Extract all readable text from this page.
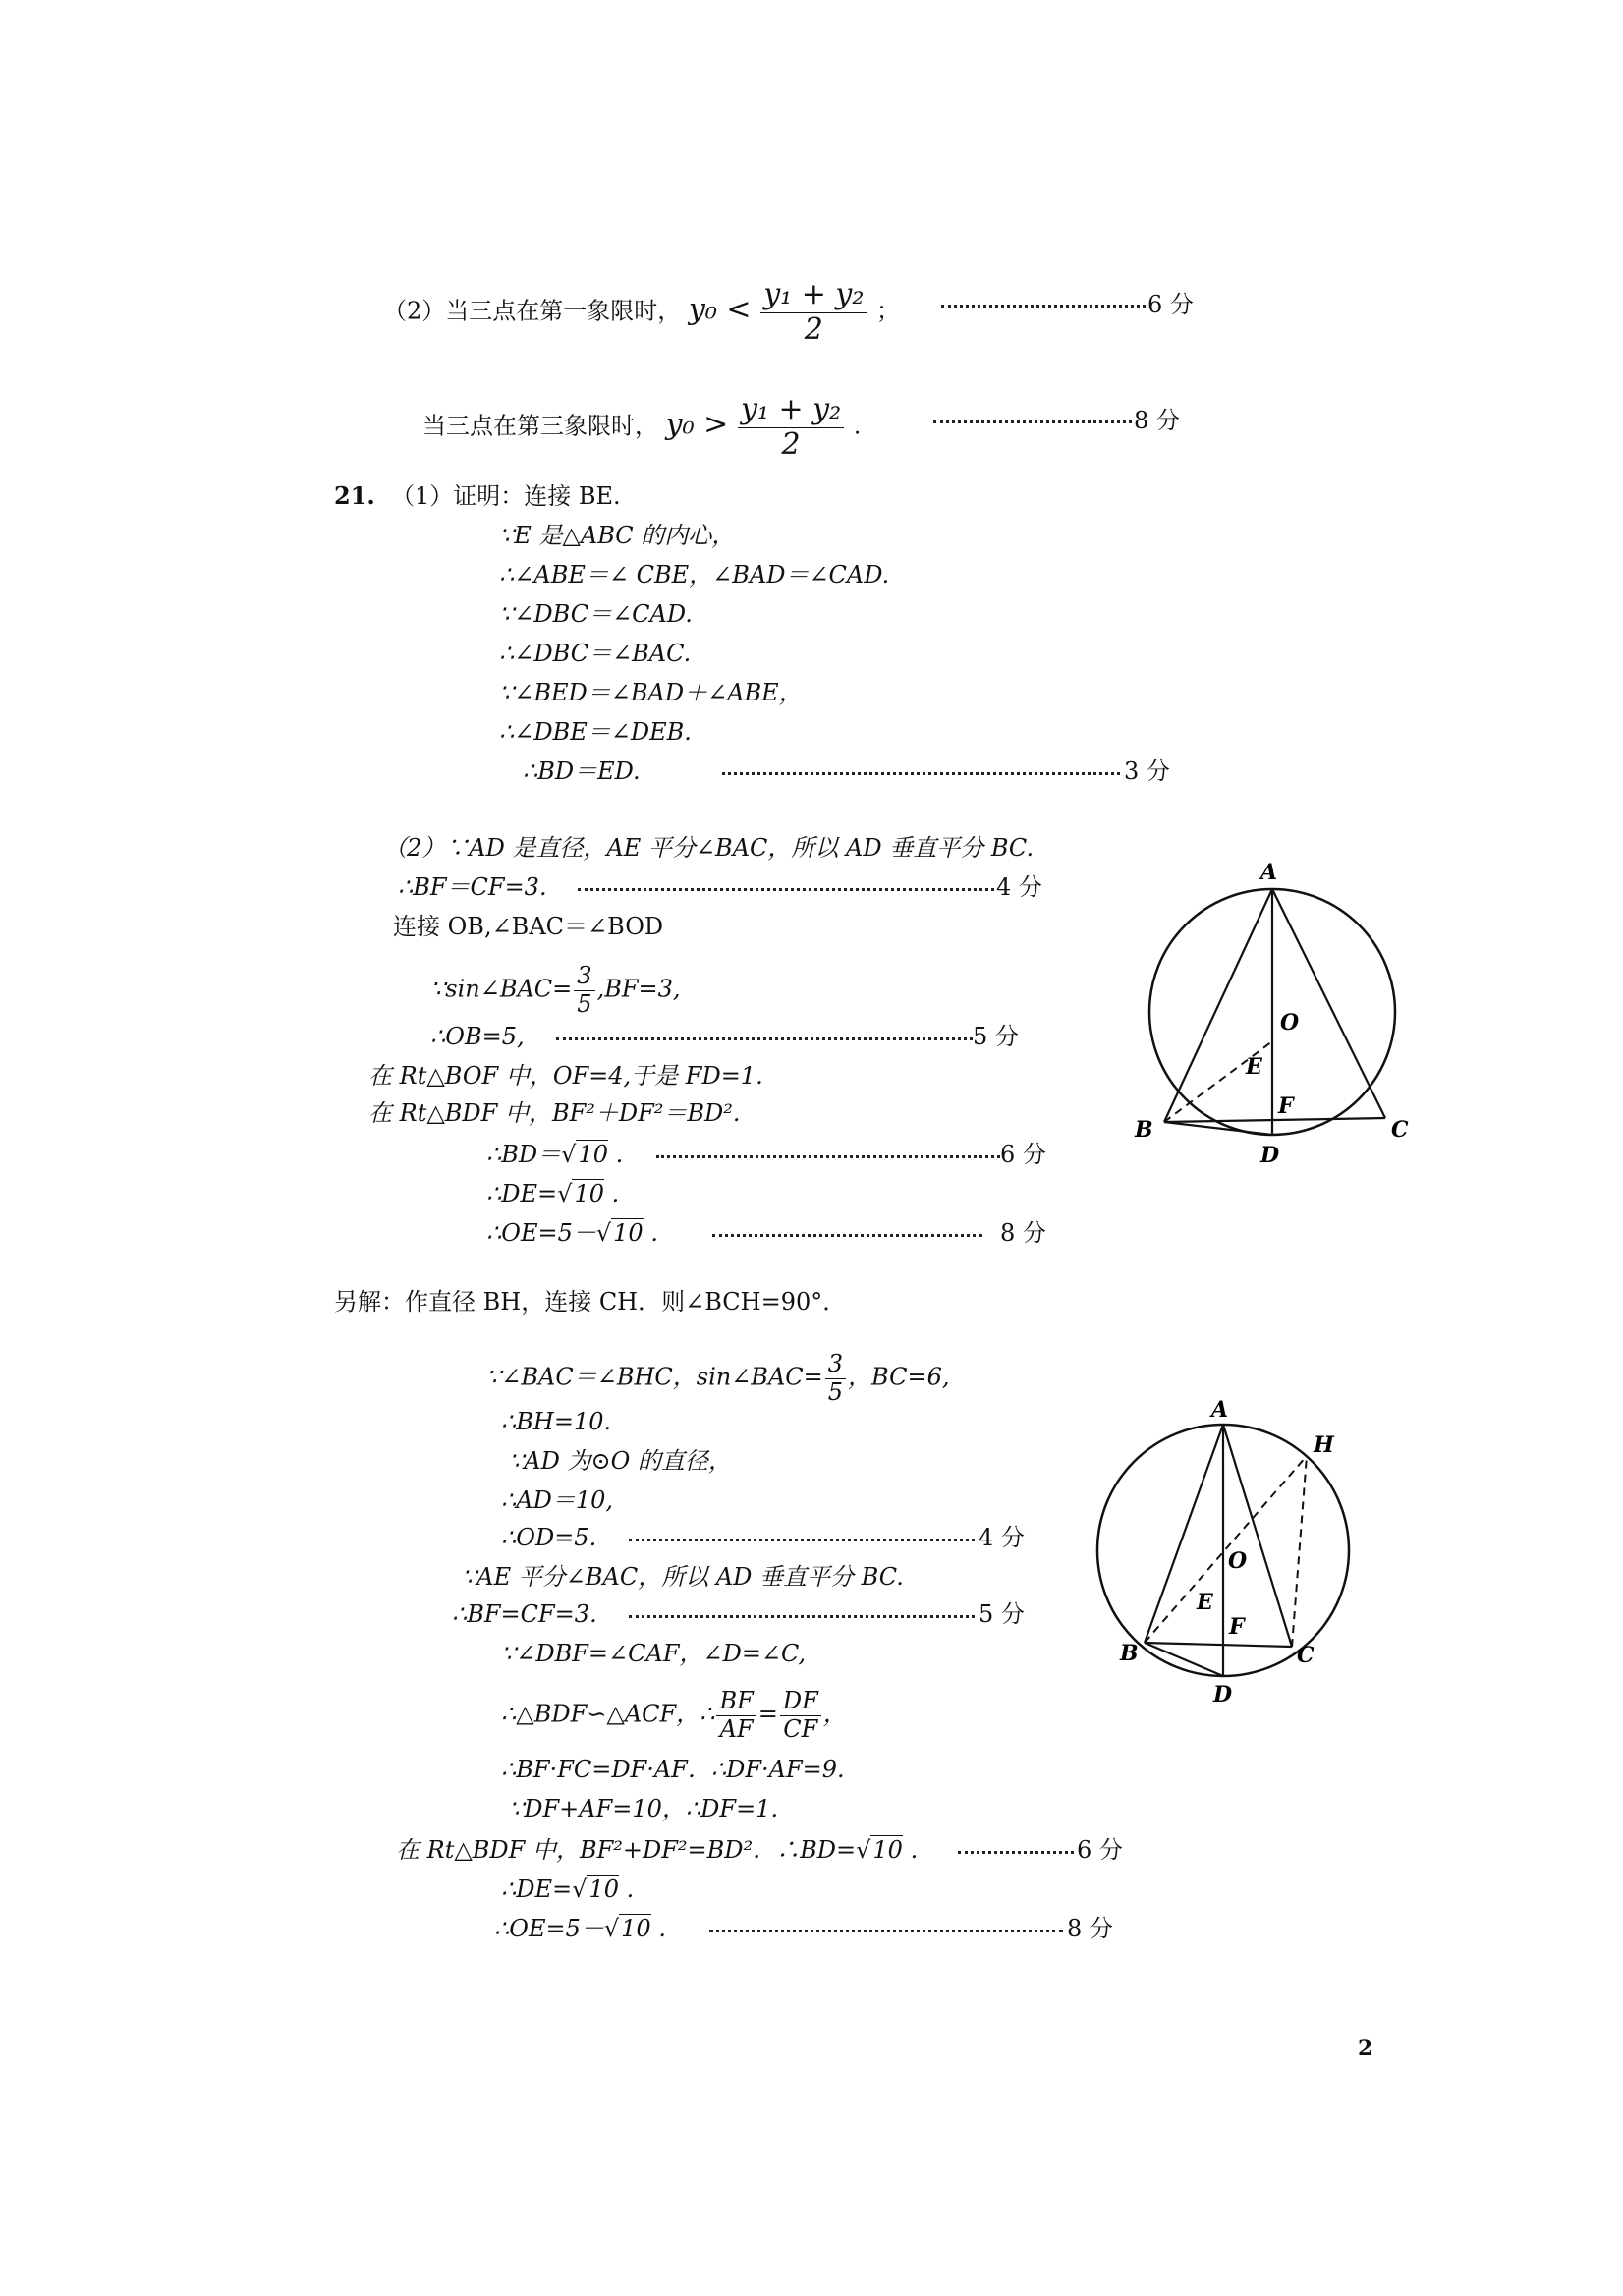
（2）当三点在第一象限时， $y_0 < \frac{\text{y₁ + y₂}}{2}$ ；	6 分
当三点在第三象限时， $y_0 > \frac{\text{y₁ + y₂}}{2}$ .	8 分
21. （1）证明：连接 BE.
∵E 是△ABC 的内心，
∴∠ABE＝∠ CBE，∠BAD＝∠CAD.
∵∠DBC＝∠CAD.
∴∠DBC＝∠BAC.
∵∠BED＝∠BAD＋∠ABE，
∴∠DBE＝∠DEB.
∴BD＝ED.	3 分
（2）∵AD 是直径，AE 平分∠BAC，所以 AD 垂直平分 BC.
∴BF＝CF=3.	4 分
连接 OB,∠BAC＝∠BOD
∵sin∠BAC= $\frac{3}{5} ,BF=3$,
∴OB=5,	5 分
在 Rt△BOF 中，OF=4,于是 FD=1.
在 Rt△BDF 中，BF²＋DF²＝BD².
∴BD＝√10 .	6 分
∴DE=√10 .
∴OE=5－√10 .	8 分
A
O
E
F
B	C
D
另解：作直径 BH，连接 CH．则∠BCH=90°．
∵∠BAC＝∠BHC，sin∠BAC= $\frac{3}{5}$ ，BC=6,
∴BH=10.
∵AD 为⊙O 的直径，
∴AD＝10,
∴OD=5.	4 分
∵AE 平分∠BAC，所以 AD 垂直平分 BC.
∴BF=CF=3.	5 分
∵∠DBF=∠CAF，∠D=∠C,
∴△BDF∽△ACF，∴ $\frac{BF}{AF} = \frac{DF}{CF}$ ，
∴BF·FC=DF·AF．∴DF·AF=9.
∵DF+AF=10，∴DF=1.
在 Rt△BDF 中，BF²+DF²=BD²．∴BD=√10 .	6 分
∴DE=√10 .
∴OE=5－√10 .	8 分
A
H
O
E
F
B	C
D
2
